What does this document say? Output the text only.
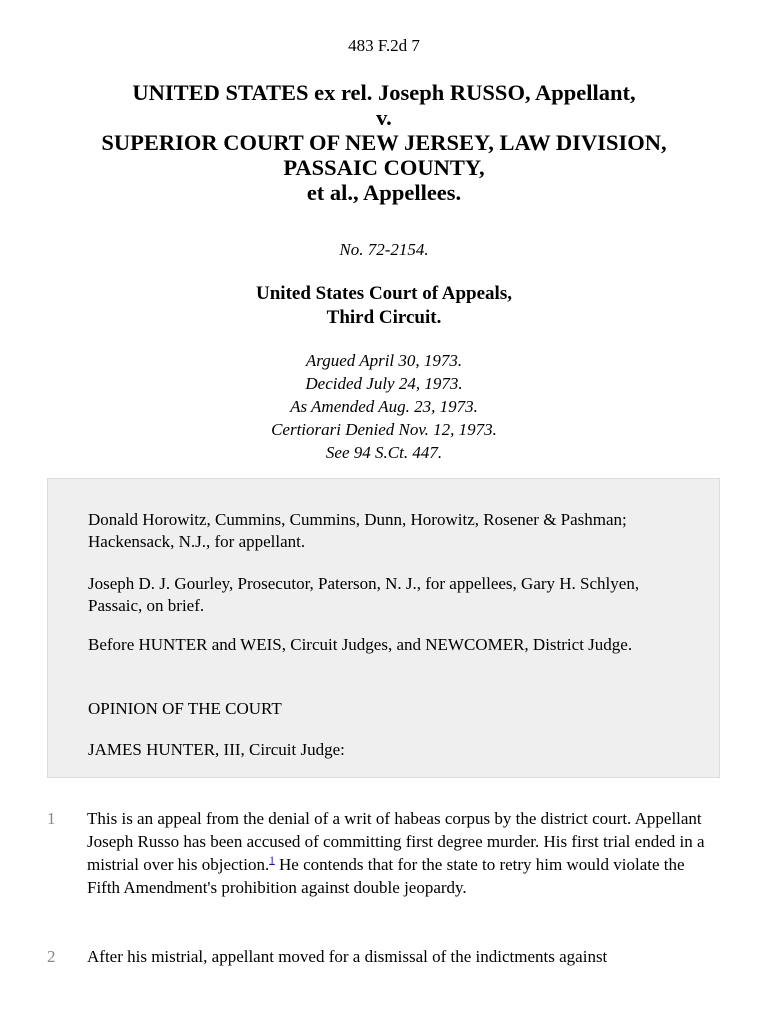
483 F.2d 7
UNITED STATES ex rel. Joseph RUSSO, Appellant,
v.
SUPERIOR COURT OF NEW JERSEY, LAW DIVISION,
PASSAIC COUNTY,
et al., Appellees.
No. 72-2154.
United States Court of Appeals,
Third Circuit.
Argued April 30, 1973.
Decided July 24, 1973.
As Amended Aug. 23, 1973.
Certiorari Denied Nov. 12, 1973.
See 94 S.Ct. 447.

Donald Horowitz, Cummins, Cummins, Dunn, Horowitz, Rosener & Pashman; Hackensack, N.J., for appellant.

Joseph D. J. Gourley, Prosecutor, Paterson, N. J., for appellees, Gary H. Schlyen, Passaic, on brief.

Before HUNTER and WEIS, Circuit Judges, and NEWCOMER, District Judge.

OPINION OF THE COURT

JAMES HUNTER, III, Circuit Judge:

1 This is an appeal from the denial of a writ of habeas corpus by the district court. Appellant Joseph Russo has been accused of committing first degree murder. His first trial ended in a mistrial over his objection.$^1$ He contends that for the state to retry him would violate the Fifth Amendment's prohibition against double jeopardy.
2 After his mistrial, appellant moved for a dismissal of the indictments against
